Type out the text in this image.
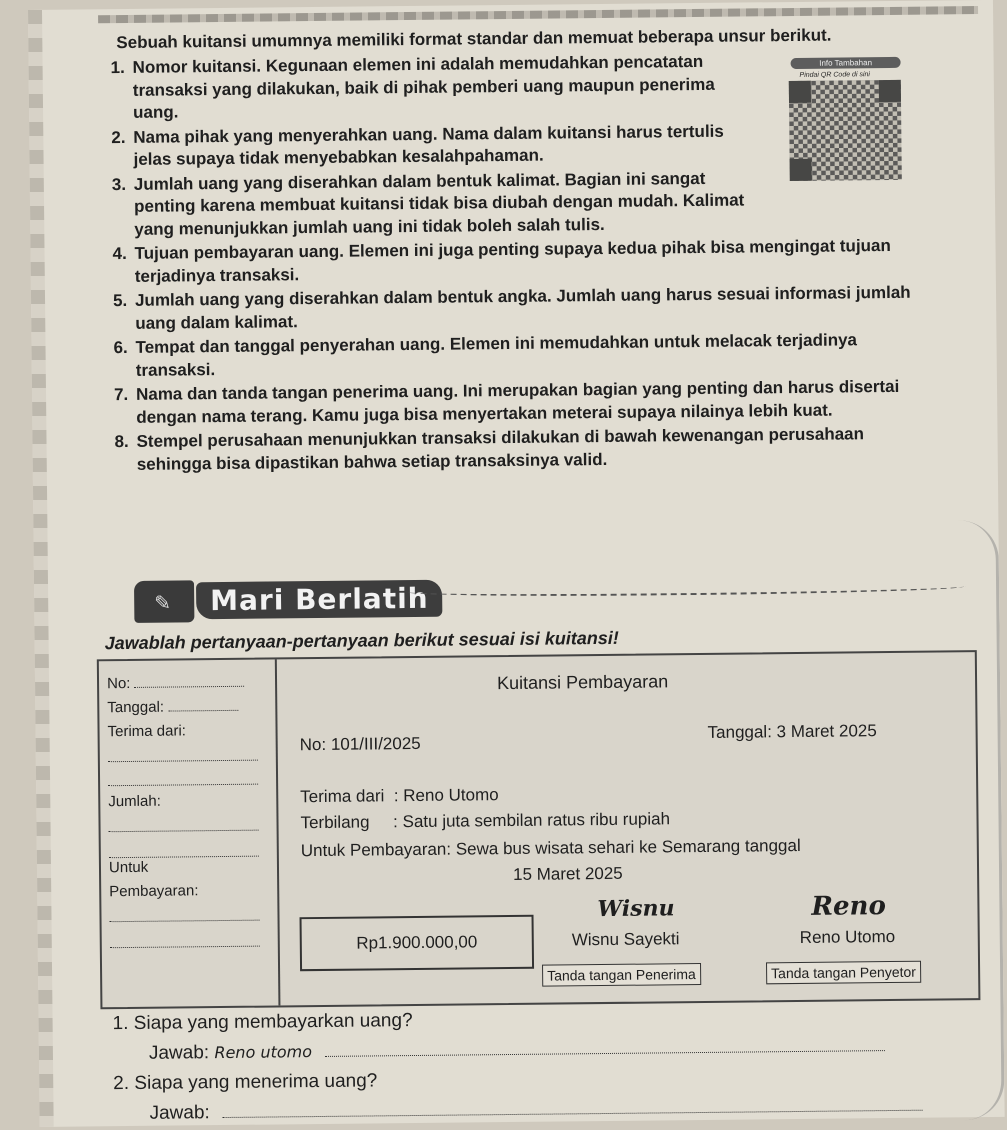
Sebuah kuitansi umumnya memiliki format standar dan memuat beberapa unsur berikut.
1. Nomor kuitansi. Kegunaan elemen ini adalah memudahkan pencatatan transaksi yang dilakukan, baik di pihak pemberi uang maupun penerima uang.
2. Nama pihak yang menyerahkan uang. Nama dalam kuitansi harus tertulis jelas supaya tidak menyebabkan kesalahpahaman.
3. Jumlah uang yang diserahkan dalam bentuk kalimat. Bagian ini sangat penting karena membuat kuitansi tidak bisa diubah dengan mudah. Kalimat yang menunjukkan jumlah uang ini tidak boleh salah tulis.
4. Tujuan pembayaran uang. Elemen ini juga penting supaya kedua pihak bisa mengingat tujuan terjadinya transaksi.
5. Jumlah uang yang diserahkan dalam bentuk angka. Jumlah uang harus sesuai informasi jumlah uang dalam kalimat.
6. Tempat dan tanggal penyerahan uang. Elemen ini memudahkan untuk melacak terjadinya transaksi.
7. Nama dan tanda tangan penerima uang. Ini merupakan bagian yang penting dan harus disertai dengan nama terang. Kamu juga bisa menyertakan meterai supaya nilainya lebih kuat.
8. Stempel perusahaan menunjukkan transaksi dilakukan di bawah kewenangan perusahaan sehingga bisa dipastikan bahwa setiap transaksinya valid.
Info Tambahan
Pindai QR Code di sini
✎	Mari Berlatih
Jawablah pertanyaan-pertanyaan berikut sesuai isi kuitansi!
No:
Tanggal:
Terima dari:
Jumlah:
Untuk
Pembayaran:
Kuitansi Pembayaran
No: 101/III/2025
Tanggal: 3 Maret 2025
Terima dari  : Reno Utomo
Terbilang     : Satu juta sembilan ratus ribu rupiah
Untuk Pembayaran: Sewa bus wisata sehari ke Semarang tanggal
15 Maret 2025
Rp1.900.000,00
Wisnu
Wisnu Sayekti
Reno
Reno Utomo
Tanda tangan Penerima	Tanda tangan Penyetor
1. Siapa yang membayarkan uang?
Jawab: Reno utomo
2. Siapa yang menerima uang?
Jawab:
